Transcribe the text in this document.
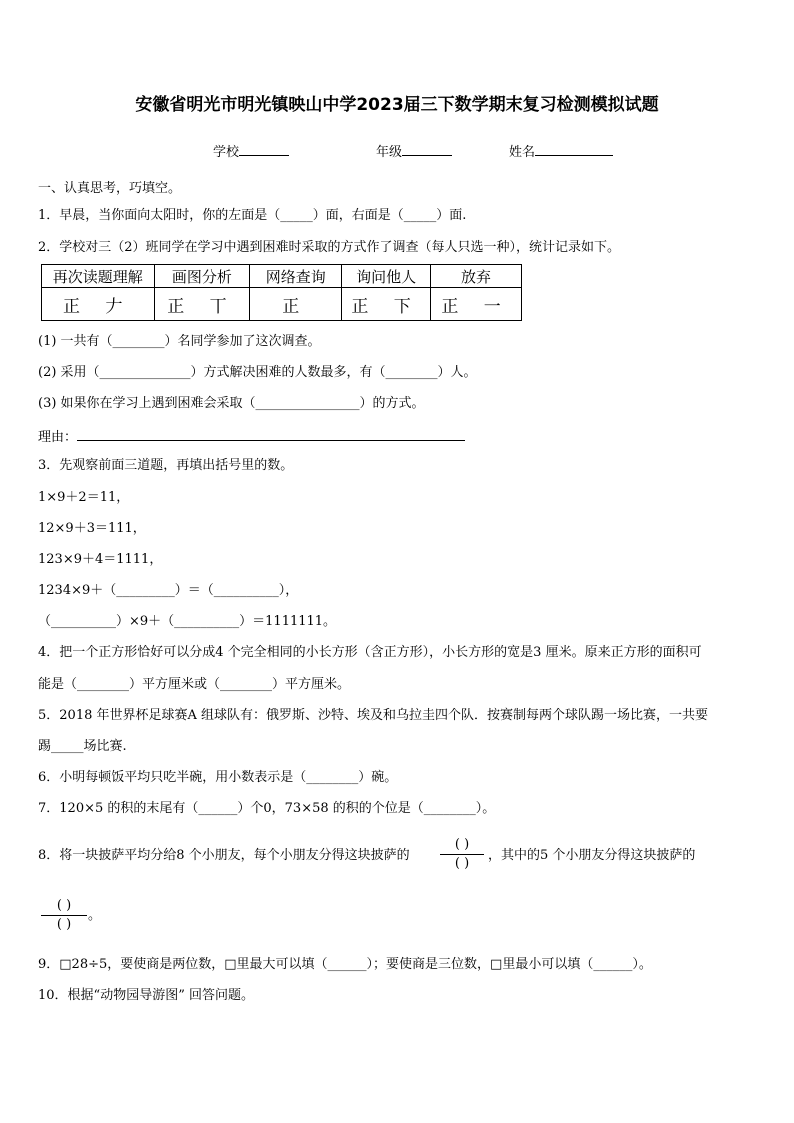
安徽省明光市明光镇映山中学2023届三下数学期末复习检测模拟试题
学校	年级	姓名
一、认真思考，巧填空。
1．早晨，当你面向太阳时，你的左面是（_____）面，右面是（_____）面.
2．学校对三（2）班同学在学习中遇到困难时采取的方式作了调查（每人只选一种），统计记录如下。
再次读题理解	画图分析	网络查询	询问他人	放弃
正 𠂇	正 丅	正	正 下	正 一
(1) 一共有（________）名同学参加了这次调查。
(2) 采用（______________）方式解决困难的人数最多，有（________）人。
(3) 如果你在学习上遇到困难会采取（________________）的方式。
理由：
3．先观察前面三道题，再填出括号里的数。
1×9＋2＝11，
12×9＋3＝111，
123×9＋4＝1111，
1234×9＋（_________）＝（__________），
（__________）×9＋（__________）＝1111111。
4．把一个正方形恰好可以分成4 个完全相同的小长方形（含正方形），小长方形的宽是3 厘米。原来正方形的面积可
能是（________）平方厘米或（________）平方厘米。
5．2018 年世界杯足球赛A 组球队有：俄罗斯、沙特、埃及和乌拉圭四个队．按赛制每两个球队踢一场比赛，一共要
踢_____场比赛.
6．小明每顿饭平均只吃半碗，用小数表示是（________）碗。
7．120×5 的积的末尾有（______）个0，73×58 的积的个位是（________）。
8．将一块披萨平均分给8 个小朋友，每个小朋友分得这块披萨的
( )
( )
，其中的5 个小朋友分得这块披萨的
( )
( )
。
9．□28÷5，要使商是两位数，□里最大可以填（______）；要使商是三位数，□里最小可以填（______）。
10．根据“动物园导游图” 回答问题。
